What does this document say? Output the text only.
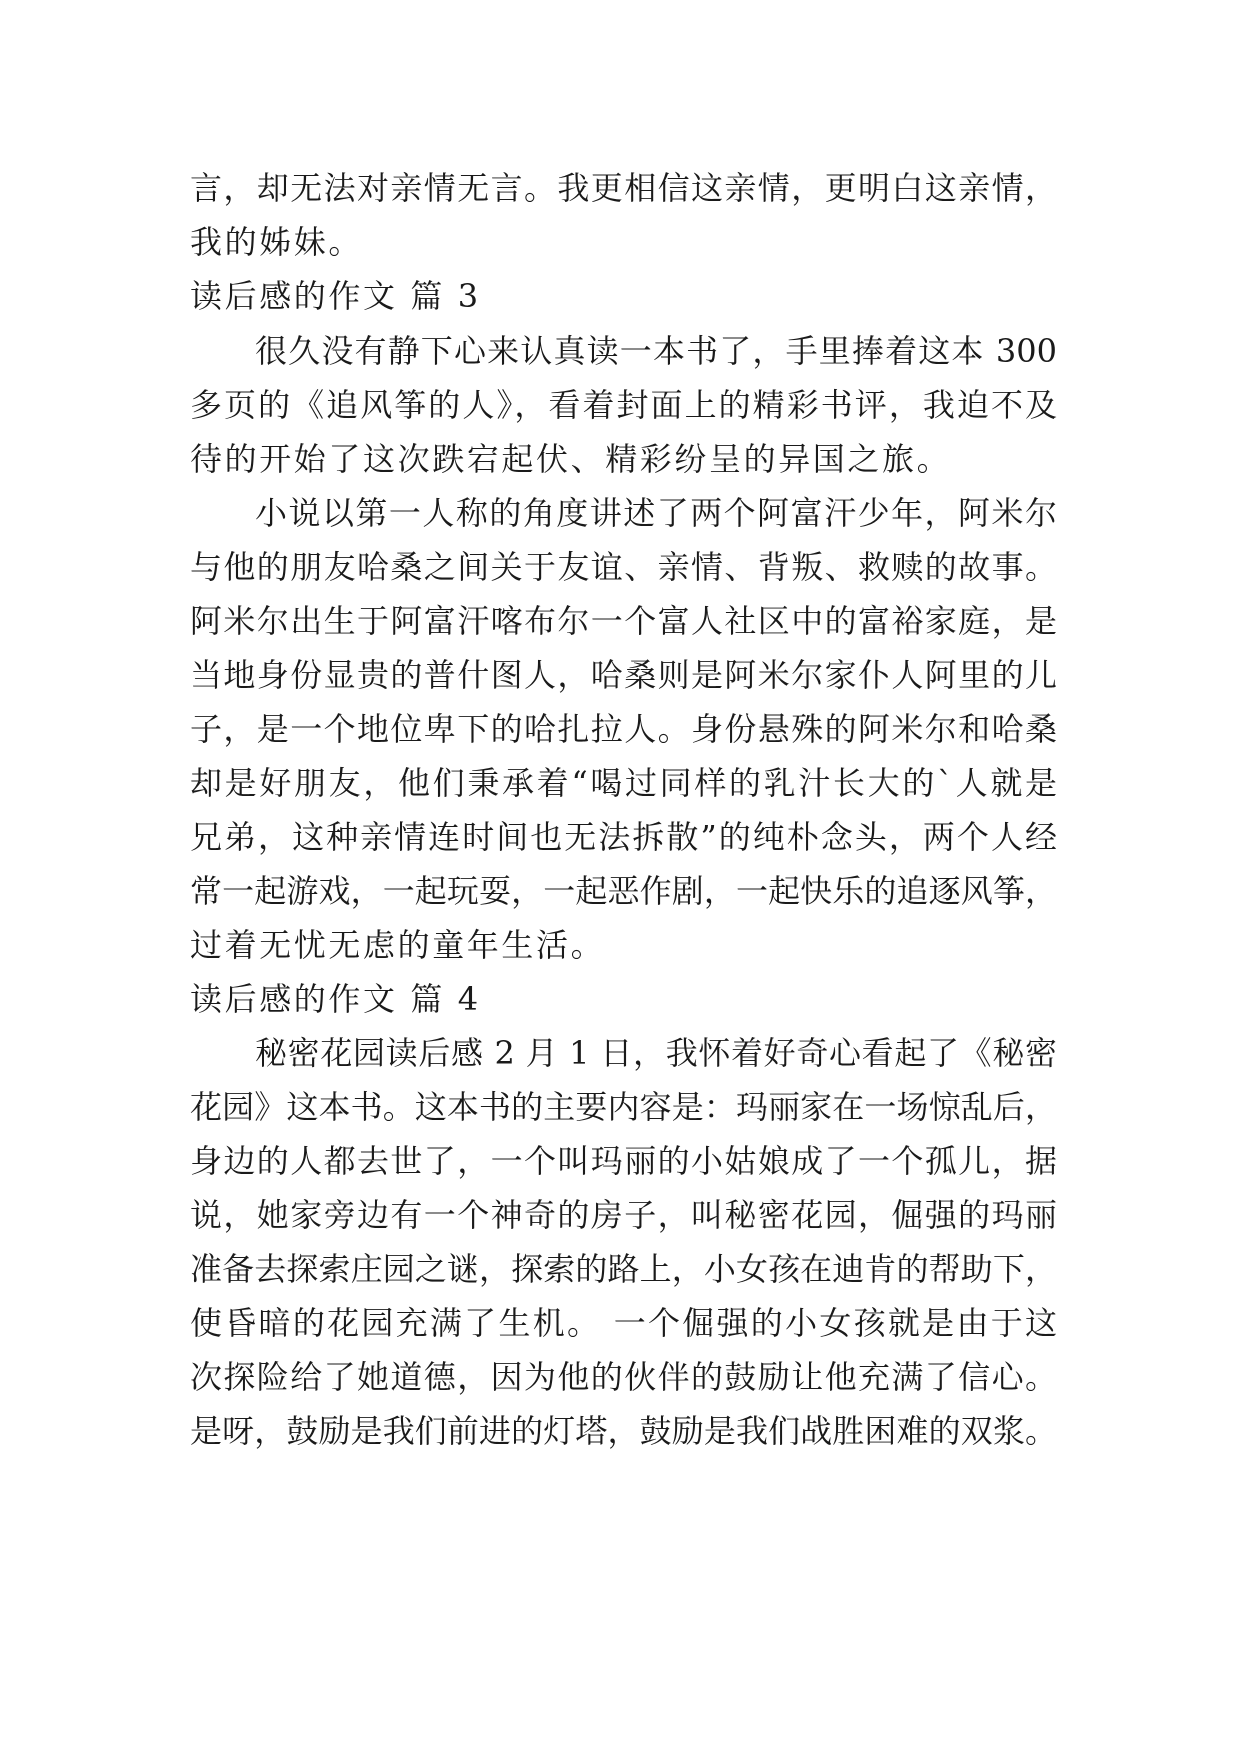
言，却无法对亲情无言。我更相信这亲情，更明白这亲情，
我的姊妹。
读后感的作文 篇 3
很久没有静下心来认真读一本书了，手里捧着这本 300
多页的《追风筝的人》，看着封面上的精彩书评，我迫不及
待的开始了这次跌宕起伏、精彩纷呈的异国之旅。
小说以第一人称的角度讲述了两个阿富汗少年，阿米尔
与他的朋友哈桑之间关于友谊、亲情、背叛、救赎的故事。
阿米尔出生于阿富汗喀布尔一个富人社区中的富裕家庭，是
当地身份显贵的普什图人，哈桑则是阿米尔家仆人阿里的儿
子，是一个地位卑下的哈扎拉人。身份悬殊的阿米尔和哈桑
却是好朋友，他们秉承着“喝过同样的乳汁长大的`人就是
兄弟，这种亲情连时间也无法拆散”的纯朴念头，两个人经
常一起游戏，一起玩耍，一起恶作剧，一起快乐的追逐风筝，
过着无忧无虑的童年生活。
读后感的作文 篇 4
秘密花园读后感 2 月 1 日，我怀着好奇心看起了《秘密
花园》这本书。这本书的主要内容是：玛丽家在一场惊乱后，
身边的人都去世了，一个叫玛丽的小姑娘成了一个孤儿，据
说，她家旁边有一个神奇的房子，叫秘密花园，倔强的玛丽
准备去探索庄园之谜，探索的路上，小女孩在迪肯的帮助下，
使昏暗的花园充满了生机。 一个倔强的小女孩就是由于这
次探险给了她道德，因为他的伙伴的鼓励让他充满了信心。
是呀，鼓励是我们前进的灯塔，鼓励是我们战胜困难的双浆。
